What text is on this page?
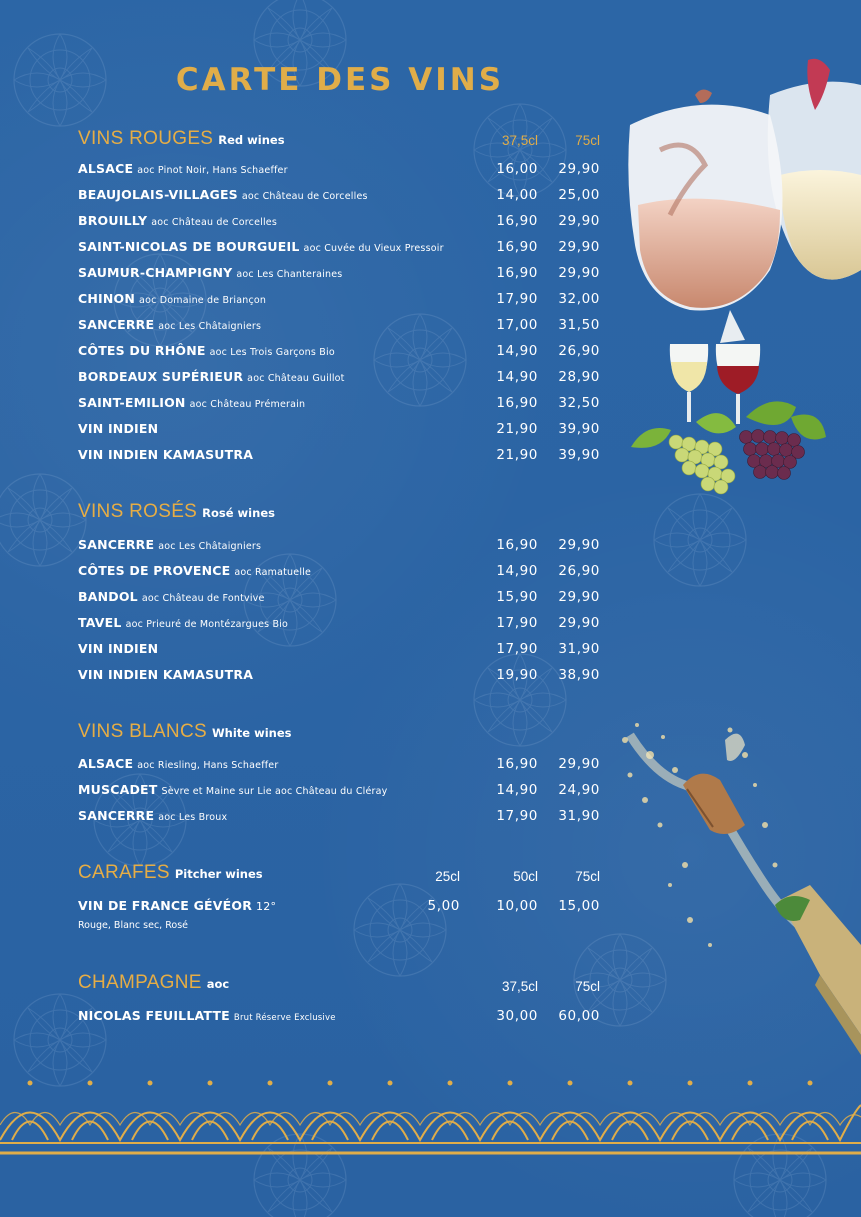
CARTE DES VINS
VINS ROUGES Red wines	37,5cl	75cl
ALSACE aoc Pinot Noir, Hans Schaeffer	16,00	29,90
BEAUJOLAIS-VILLAGES aoc Château de Corcelles	14,00	25,00
BROUILLY aoc Château de Corcelles	16,90	29,90
SAINT-NICOLAS DE BOURGUEIL aoc Cuvée du Vieux Pressoir	16,90	29,90
SAUMUR-CHAMPIGNY aoc Les Chanteraines	16,90	29,90
CHINON aoc Domaine de Briançon	17,90	32,00
SANCERRE aoc Les Châtaigniers	17,00	31,50
CÔTES DU RHÔNE aoc Les Trois Garçons Bio	14,90	26,90
BORDEAUX SUPÉRIEUR aoc Château Guillot	14,90	28,90
SAINT-EMILION aoc Château Prémerain	16,90	32,50
VIN INDIEN	21,90	39,90
VIN INDIEN KAMASUTRA	21,90	39,90
VINS ROSÉS Rosé wines
SANCERRE aoc Les Châtaigniers	16,90	29,90
CÔTES DE PROVENCE aoc Ramatuelle	14,90	26,90
BANDOL aoc Château de Fontvive	15,90	29,90
TAVEL aoc Prieuré de Montézargues Bio	17,90	29,90
VIN INDIEN	17,90	31,90
VIN INDIEN KAMASUTRA	19,90	38,90
VINS BLANCS White wines
ALSACE aoc Riesling, Hans Schaeffer	16,90	29,90
MUSCADET Sèvre et Maine sur Lie aoc Château du Cléray	14,90	24,90
SANCERRE aoc Les Broux	17,90	31,90
CARAFES Pitcher wines	25cl	50cl	75cl
VIN DE FRANCE GÉVÉOR 12°	5,00	10,00	15,00
Rouge, Blanc sec, Rosé
CHAMPAGNE aoc	37,5cl	75cl
NICOLAS FEUILLATTE Brut Réserve Exclusive	30,00	60,00
